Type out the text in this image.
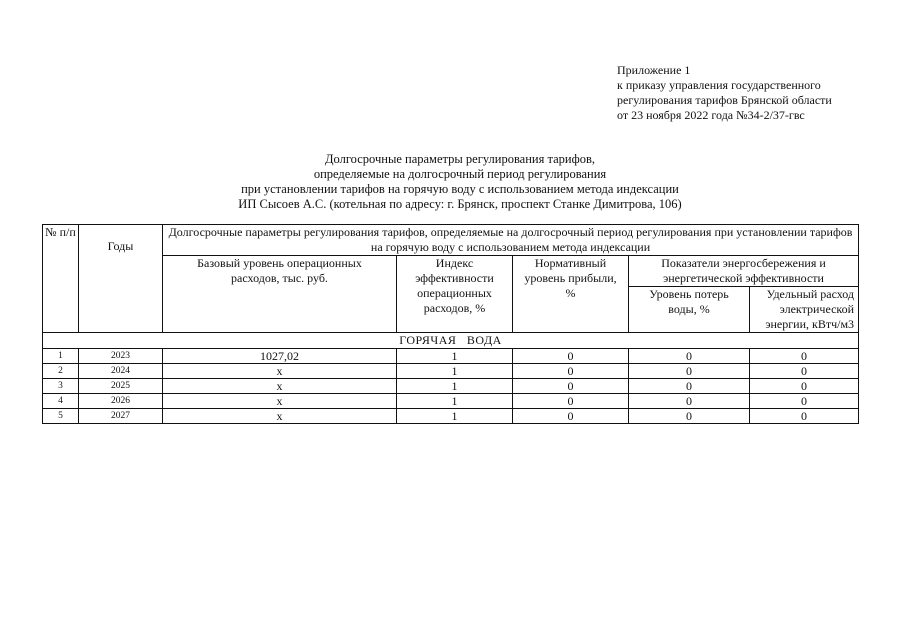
Приложение 1
к приказу управления государственного
регулирования тарифов Брянской области
от 23 ноября 2022 года №34-2/37-гвс
Долгосрочные параметры регулирования тарифов,
определяемые на долгосрочный период регулирования
при установлении тарифов на горячую воду с использованием метода индексации
ИП Сысоев А.С. (котельная по адресу: г. Брянск, проспект Станке Димитрова, 106)
№ п/п	Годы	Долгосрочные параметры регулирования тарифов, определяемые на долгосрочный период регулирования при установлении тарифов на горячую воду с использованием метода индексации				
		Базовый уровень операционных расходов, тыс. руб.	Индекс эффективности операционных расходов, %	Нормативный уровень прибыли, %	Показатели энергосбережения и энергетической эффективности	
					Уровень потерь воды, %	Удельный расход электрической энергии, кВтч/м3
ГОРЯЧАЯ   ВОДА						
1	2023	1027,02	1	0	0	0
2	2024	х	1	0	0	0
3	2025	х	1	0	0	0
4	2026	х	1	0	0	0
5	2027	х	1	0	0	0
